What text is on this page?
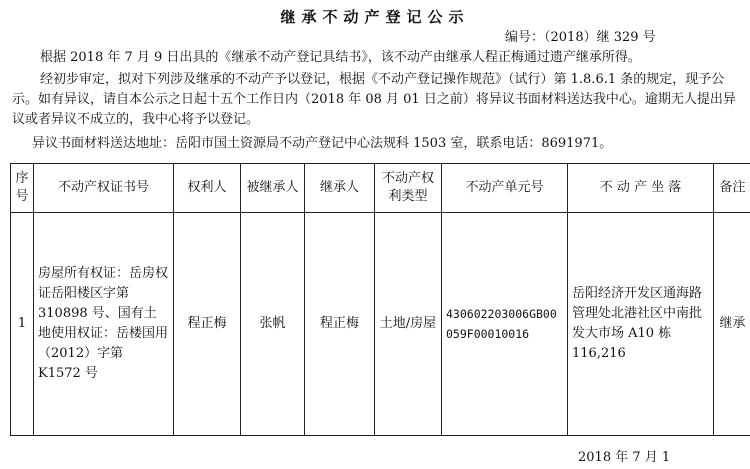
继承不动产登记公示
编号：（2018）继 329 号
根据 2018 年 7 月 9 日出具的《继承不动产登记具结书》，该不动产由继承人程正梅通过遗产继承所得。
经初步审定，拟对下列涉及继承的不动产予以登记，根据《不动产登记操作规范》（试行）第 1.8.6.1 条的规定，现予公示。如有异议，请自本公示之日起十五个工作日内（2018 年 08 月 01 日之前）将异议书面材料送达我中心。逾期无人提出异议或者异议不成立的，我中心将予以登记。
异议书面材料送达地址：岳阳市国土资源局不动产登记中心法规科 1503 室，联系电话：8691971。
序号	不动产权证书号	权利人	被继承人	继承人	不动产权利类型	不动产单元号	不 动 产 坐 落	备注
1	房屋所有权证：岳房权证岳阳楼区字第 310898 号、国有土地使用权证：岳楼国用（2012）字第 K1572 号	程正梅	张帆	程正梅	土地/房屋	430602203006GB00059F00010016	岳阳经济开发区通海路管理处北港社区中南批发大市场 A10 栋 116,216	继承
2018 年 7 月 1
